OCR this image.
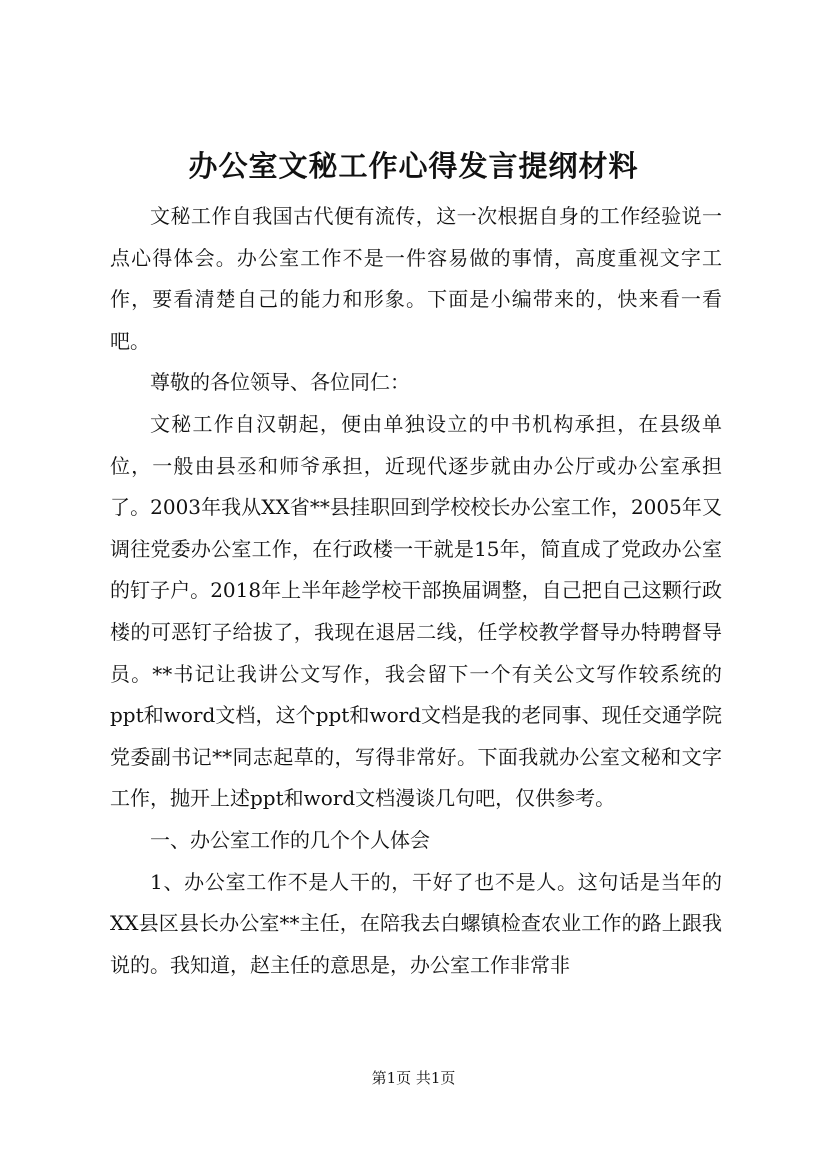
办公室文秘工作心得发言提纲材料

文秘工作自我国古代便有流传，这一次根据自身的工作经验说一点心得体会。办公室工作不是一件容易做的事情，高度重视文字工作，要看清楚自己的能力和形象。下面是小编带来的，快来看一看吧。

尊敬的各位领导、各位同仁：

文秘工作自汉朝起，便由单独设立的中书机构承担，在县级单位，一般由县丞和师爷承担，近现代逐步就由办公厅或办公室承担了。2003年我从XX省**县挂职回到学校校长办公室工作，2005年又调往党委办公室工作，在行政楼一干就是15年，简直成了党政办公室的钉子户。2018年上半年趁学校干部换届调整，自己把自己这颗行政楼的可恶钉子给拔了，我现在退居二线，任学校教学督导办特聘督导员。**书记让我讲公文写作，我会留下一个有关公文写作较系统的ppt和word文档，这个ppt和word文档是我的老同事、现任交通学院党委副书记**同志起草的，写得非常好。下面我就办公室文秘和文字工作，抛开上述ppt和word文档漫谈几句吧，仅供参考。

一、办公室工作的几个个人体会

1、办公室工作不是人干的，干好了也不是人。这句话是当年的XX县区县长办公室**主任，在陪我去白螺镇检查农业工作的路上跟我说的。我知道，赵主任的意思是，办公室工作非常非

第1页 共1页
